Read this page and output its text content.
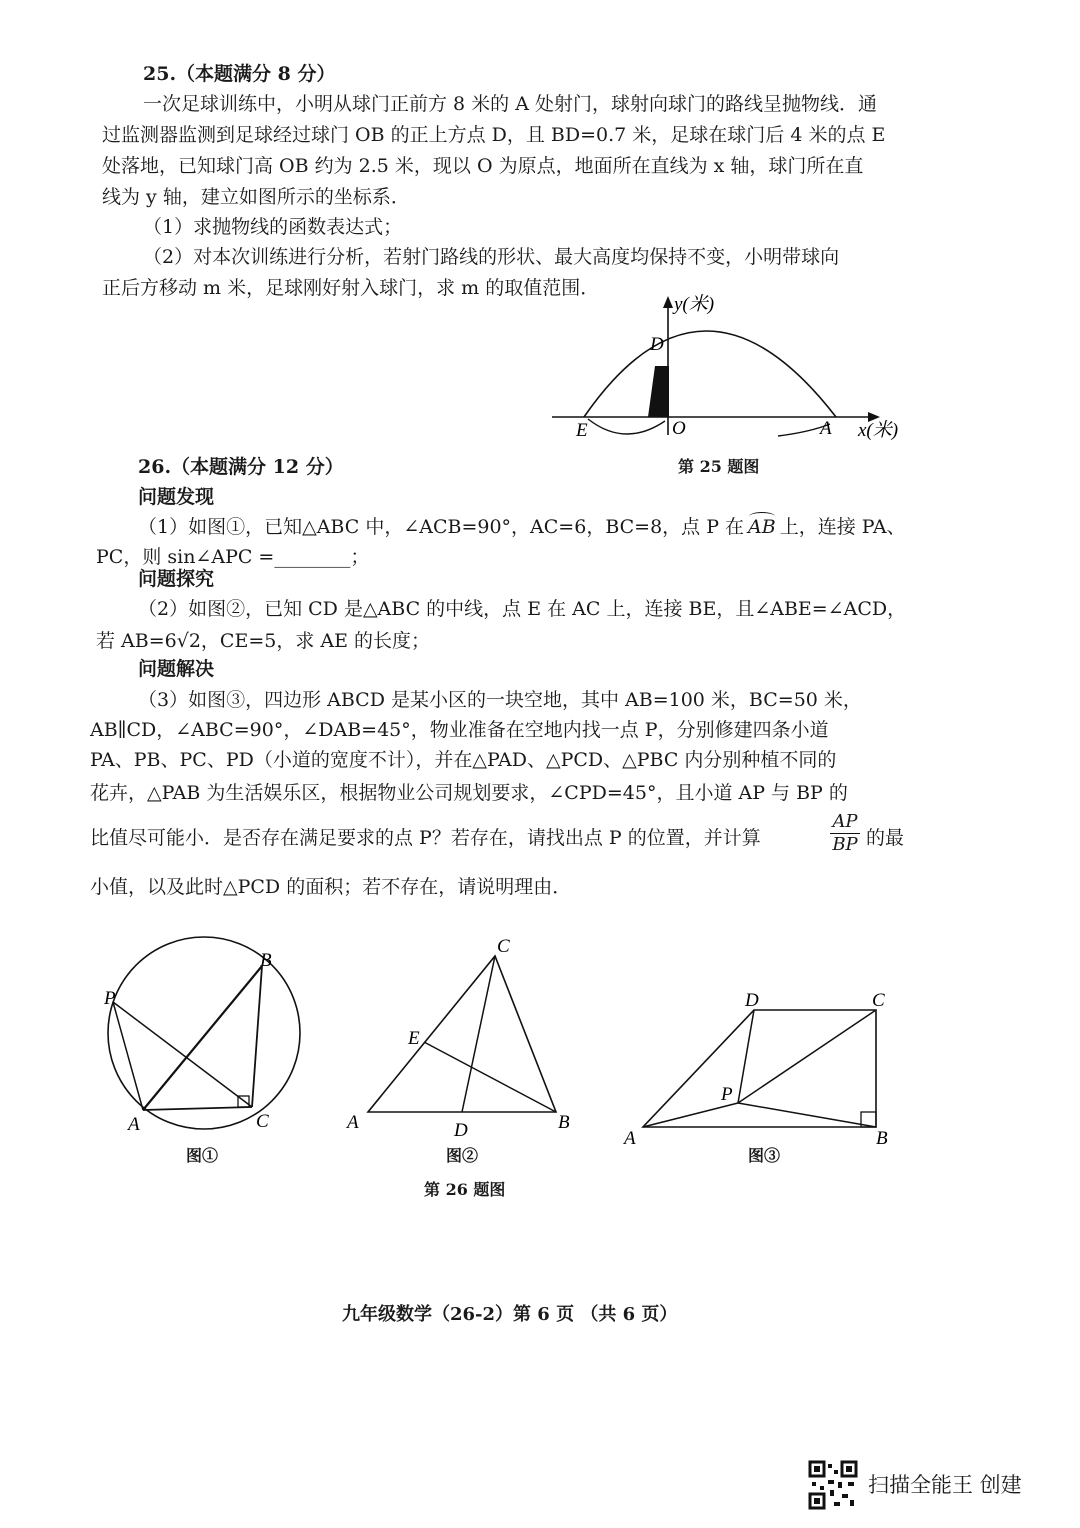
25.（本题满分 8 分）
一次足球训练中，小明从球门正前方 8 米的 A 处射门，球射向球门的路线呈抛物线．通
过监测器监测到足球经过球门 OB 的正上方点 D，且 BD=0.7 米，足球在球门后 4 米的点 E
处落地，已知球门高 OB 约为 2.5 米，现以 O 为原点，地面所在直线为 x 轴，球门所在直
线为 y 轴，建立如图所示的坐标系．
（1）求抛物线的函数表达式；
（2）对本次训练进行分析，若射门路线的形状、最大高度均保持不变，小明带球向
正后方移动 m 米，足球刚好射入球门，求 m 的取值范围．
y(米)
x(米)
D
E	O	A
第 25 题图
26.（本题满分 12 分）
问题发现
（1）如图①，已知△ABC 中，∠ACB=90°，AC=6，BC=8，点 P 在 AB 上，连接 PA、
PC，则 sin∠APC =________；
问题探究
（2）如图②，已知 CD 是△ABC 的中线，点 E 在 AC 上，连接 BE，且∠ABE=∠ACD，
若 AB=6√2，CE=5，求 AE 的长度；
问题解决
（3）如图③，四边形 ABCD 是某小区的一块空地，其中 AB=100 米，BC=50 米，
AB∥CD，∠ABC=90°，∠DAB=45°，物业准备在空地内找一点 P，分别修建四条小道
PA、PB、PC、PD（小道的宽度不计），并在△PAD、△PCD、△PBC 内分别种植不同的
花卉，△PAB 为生活娱乐区，根据物业公司规划要求，∠CPD=45°，且小道 AP 与 BP 的
比值尽可能小．是否存在满足要求的点 P？若存在，请找出点 P 的位置，并计算
AP
BP 的最
小值，以及此时△PCD 的面积；若不存在，请说明理由．
P
B
A	C
C
E
A	D	B
D	C
P
A	B
图①	图②	图③
第 26 题图
九年级数学（26-2）第 6 页 （共 6 页）
扫描全能王 创建
